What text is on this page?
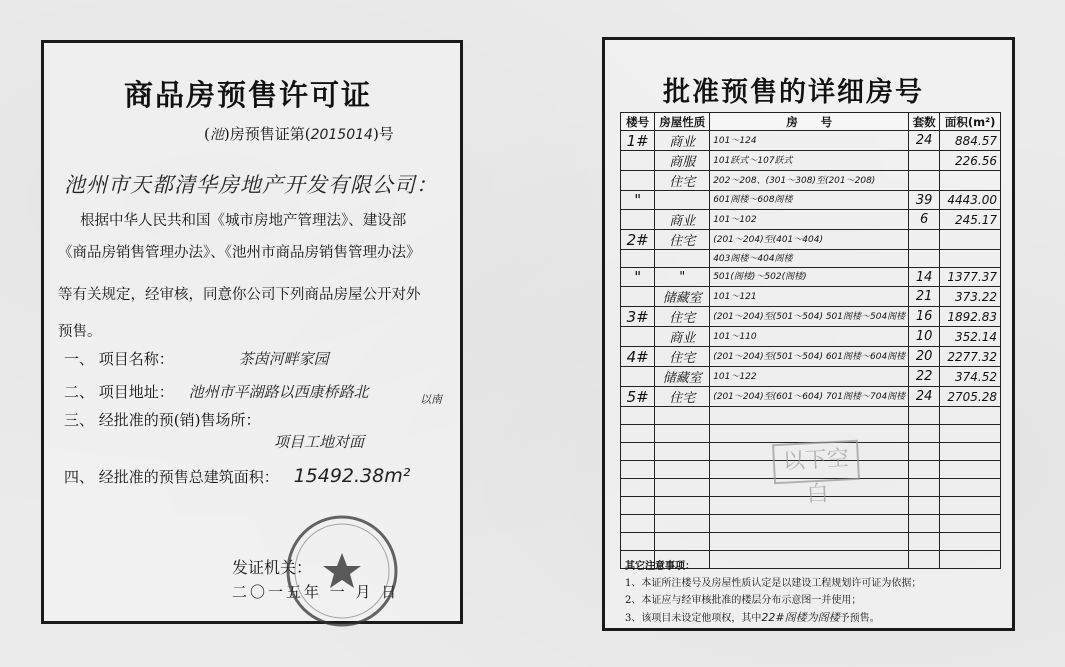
商品房预售许可证
(池)房预售证第(2015014)号
池州市天都清华房地产开发有限公司：
根据中华人民共和国《城市房地产管理法》、建设部
《商品房销售管理办法》、《池州市商品房销售管理办法》
等有关规定，经审核，同意你公司下列商品房屋公开对外
预售。
一、 项目名称：	茶茵河畔家园
二、 项目地址： 池州市平湖路以西康桥路北	以南
三、 经批准的预(销)售场所：
项目工地对面
四、 经批准的预售总建筑面积： 15492.38m²
发证机关：
二〇一五年 一 月 日
批准预售的详细房号
楼号	房屋性质	房　　号	套数	面积(m²)
1#	商业	101～124	24	884.57
	商服	101跃式～107跃式		226.56
	住宅	202～208、(301～308)至(201～208)		
"		601阁楼～608阁楼	39	4443.00
	商业	101～102	6	245.17
2#	住宅	(201～204)至(401～404)		
		403阁楼～404阁楼		
"	"	501(阁楼)～502(阁楼)	14	1377.37
	储藏室	101～121	21	373.22
3#	住宅	(201～204)至(501～504) 501阁楼～504阁楼	16	1892.83
	商业	101～110	10	352.14
4#	住宅	(201～204)至(501～504) 601阁楼～604阁楼	20	2277.32
	储藏室	101～122	22	374.52
5#	住宅	(201～204)至(601～604) 701阁楼～704阁楼	24	2705.28

以下空白
其它注意事项：
1、本证所注楼号及房屋性质认定是以建设工程规划许可证为依据；
2、本证应与经审核批准的楼层分布示意图一并使用；
3、该项目未设定他项权，其中22#阁楼为阁楼予预售。
